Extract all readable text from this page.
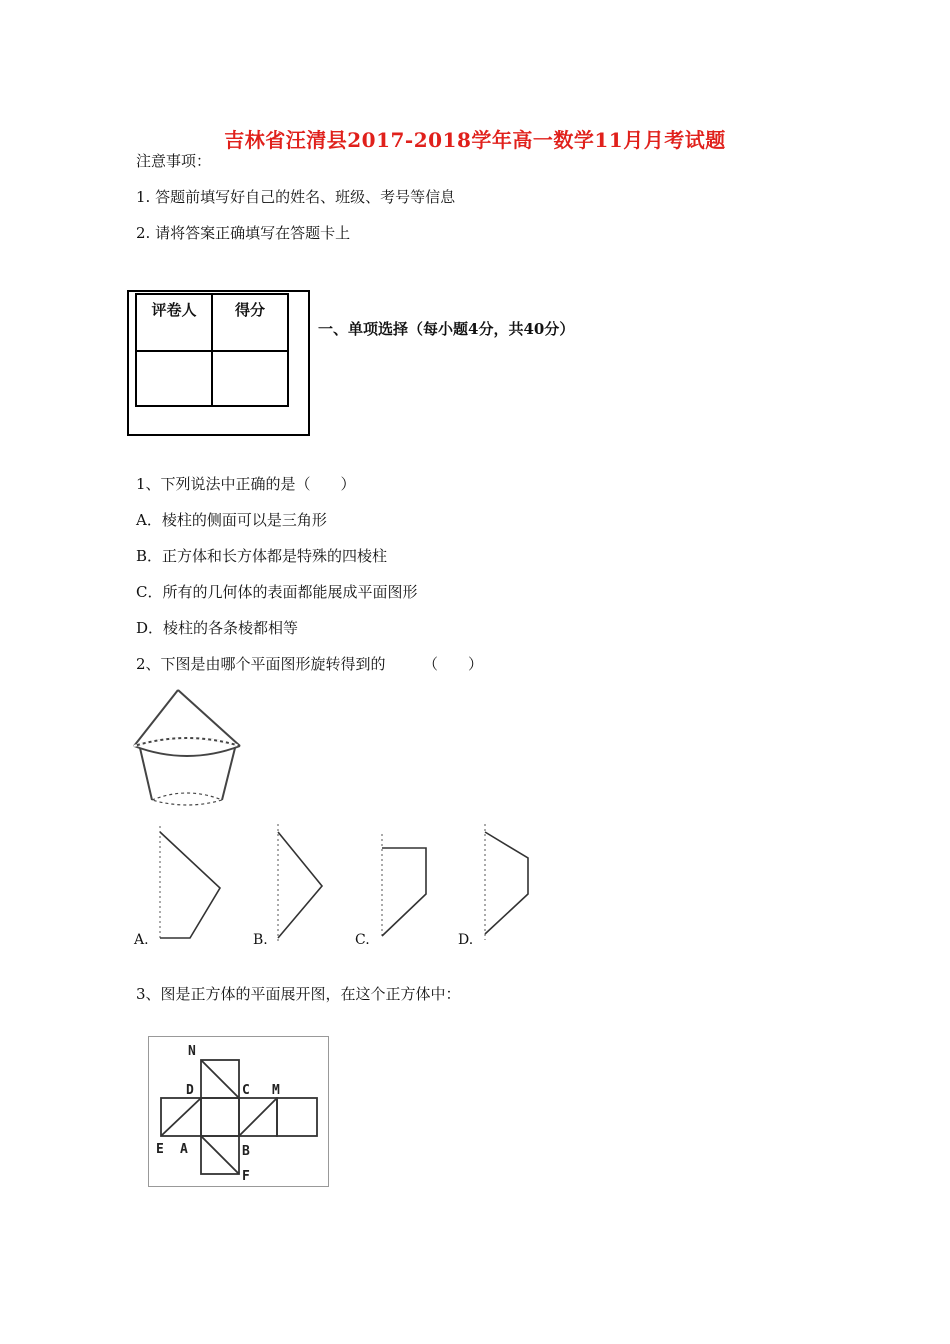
吉林省汪清县2017-2018学年高一数学11月月考试题
注意事项：
1. 答题前填写好自己的姓名、班级、考号等信息
2. 请将答案正确填写在答题卡上
评卷人	得分

一、单项选择（每小题4分，共40分）
1、下列说法中正确的是（　　）
A．棱柱的侧面可以是三角形
B．正方体和长方体都是特殊的四棱柱
C．所有的几何体的表面都能展成平面图形
D．棱柱的各条棱都相等
2、下图是由哪个平面图形旋转得到的　　　（　　）
A.	B.	C.	D.
3、图是正方体的平面展开图，在这个正方体中：
N
D	C M
E A	B
F
